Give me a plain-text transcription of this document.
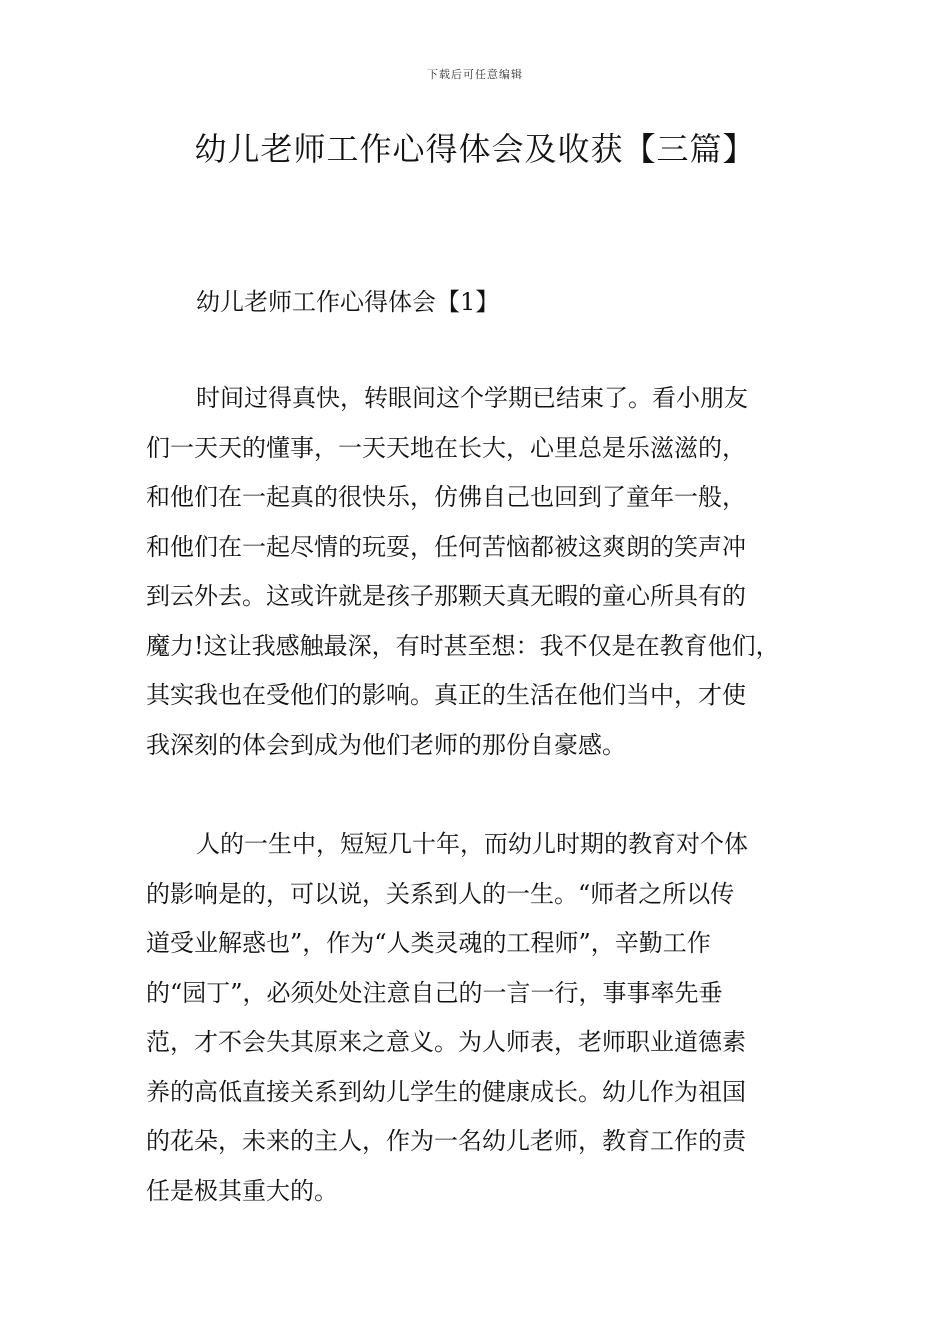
下载后可任意编辑
幼儿老师工作心得体会及收获【三篇】
幼儿老师工作心得体会【1】
时间过得真快，转眼间这个学期已结束了。看小朋友
们一天天的懂事，一天天地在长大，心里总是乐滋滋的，
和他们在一起真的很快乐，仿佛自己也回到了童年一般，
和他们在一起尽情的玩耍，任何苦恼都被这爽朗的笑声冲
到云外去。这或许就是孩子那颗天真无暇的童心所具有的
魔力!这让我感触最深，有时甚至想：我不仅是在教育他们，
其实我也在受他们的影响。真正的生活在他们当中，才使
我深刻的体会到成为他们老师的那份自豪感。
人的一生中，短短几十年，而幼儿时期的教育对个体
的影响是的，可以说，关系到人的一生。“师者之所以传
道受业解惑也”，作为“人类灵魂的工程师”，辛勤工作
的“园丁”，必须处处注意自己的一言一行，事事率先垂
范，才不会失其原来之意义。为人师表，老师职业道德素
养的高低直接关系到幼儿学生的健康成长。幼儿作为祖国
的花朵，未来的主人，作为一名幼儿老师，教育工作的责
任是极其重大的。
